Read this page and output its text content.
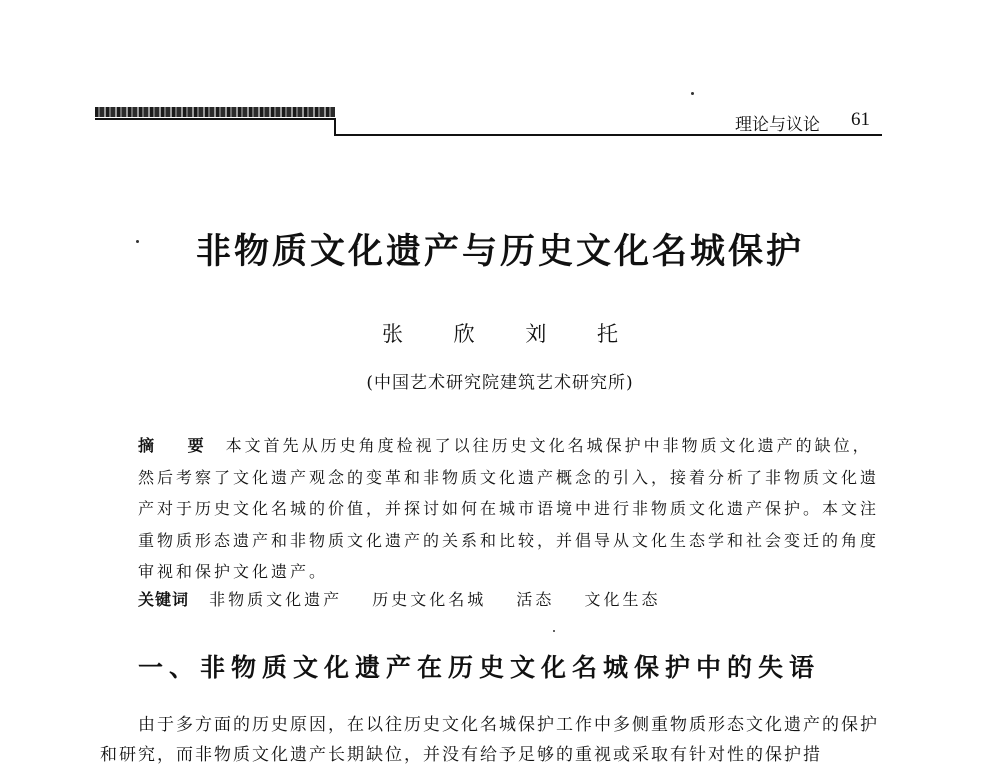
理论与议论 61
非物质文化遗产与历史文化名城保护
张 欣 刘 托
(中国艺术研究院建筑艺术研究所)

摘 要 本文首先从历史角度检视了以往历史文化名城保护中非物质文化遗产的缺位，然后考察了文化遗产观念的变革和非物质文化遗产概念的引入，接着分析了非物质文化遗产对于历史文化名城的价值，并探讨如何在城市语境中进行非物质文化遗产保护。本文注重物质形态遗产和非物质文化遗产的关系和比较，并倡导从文化生态学和社会变迁的角度审视和保护文化遗产。

关键词 非物质文化遗产 历史文化名城 活态 文化生态
一、非物质文化遗产在历史文化名城保护中的失语

由于多方面的历史原因，在以往历史文化名城保护工作中多侧重物质形态文化遗产的保护和研究，而非物质文化遗产长期缺位，并没有给予足够的重视或采取有针对性的保护措
